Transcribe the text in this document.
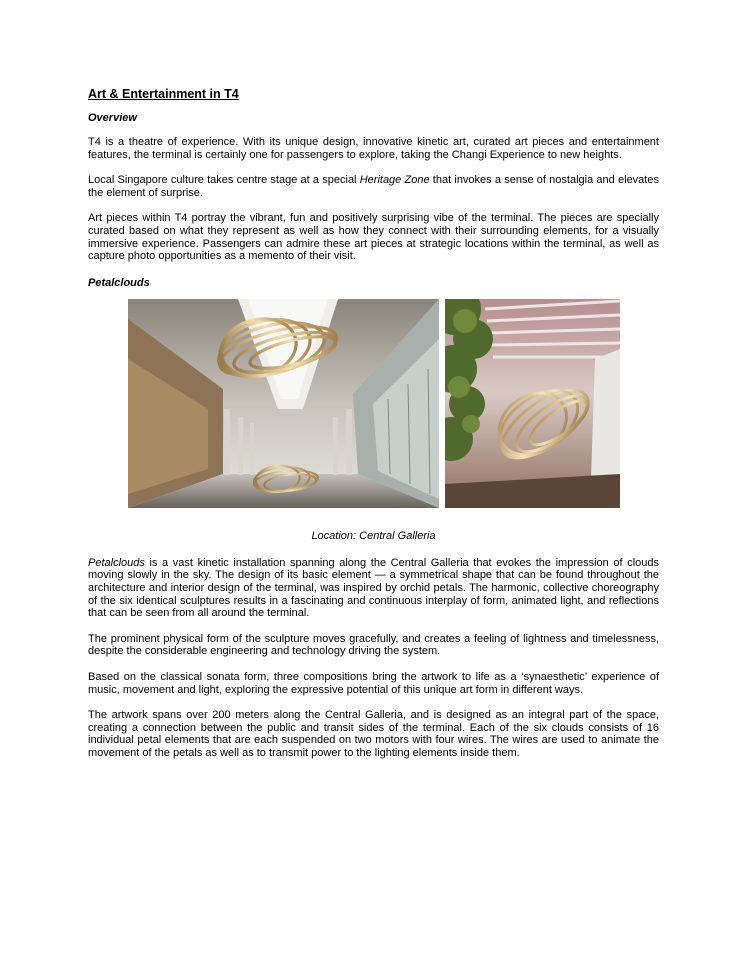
Art & Entertainment in T4
Overview

T4 is a theatre of experience. With its unique design, innovative kinetic art, curated art pieces and entertainment features, the terminal is certainly one for passengers to explore, taking the Changi Experience to new heights.

Local Singapore culture takes centre stage at a special Heritage Zone that invokes a sense of nostalgia and elevates the element of surprise.

Art pieces within T4 portray the vibrant, fun and positively surprising vibe of the terminal. The pieces are specially curated based on what they represent as well as how they connect with their surrounding elements, for a visually immersive experience. Passengers can admire these art pieces at strategic locations within the terminal, as well as capture photo opportunities as a memento of their visit.

Petalclouds
Location: Central Galleria

Petalclouds is a vast kinetic installation spanning along the Central Galleria that evokes the impression of clouds moving slowly in the sky. The design of its basic element — a symmetrical shape that can be found throughout the architecture and interior design of the terminal, was inspired by orchid petals. The harmonic, collective choreography of the six identical sculptures results in a fascinating and continuous interplay of form, animated light, and reflections that can be seen from all around the terminal.

The prominent physical form of the sculpture moves gracefully, and creates a feeling of lightness and timelessness, despite the considerable engineering and technology driving the system.

Based on the classical sonata form, three compositions bring the artwork to life as a ‘synaesthetic’ experience of music, movement and light, exploring the expressive potential of this unique art form in different ways.

The artwork spans over 200 meters along the Central Galleria, and is designed as an integral part of the space, creating a connection between the public and transit sides of the terminal. Each of the six clouds consists of 16 individual petal elements that are each suspended on two motors with four wires. The wires are used to animate the movement of the petals as well as to transmit power to the lighting elements inside them.
